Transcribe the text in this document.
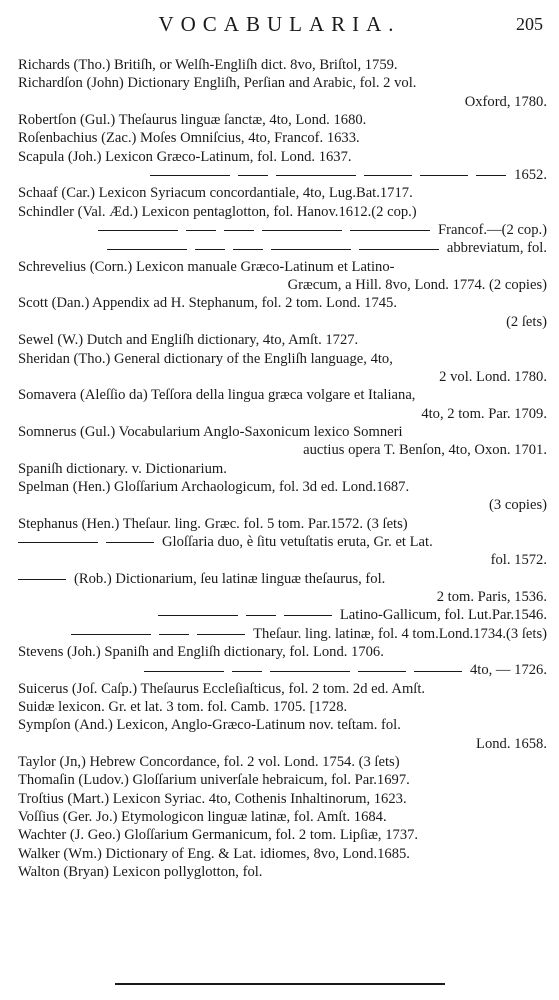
VOCABULARIA.	205
Richards (Tho.) Britiſh, or Welſh-Engliſh dict. 8vo, Briſtol, 1759.
Richardſon (John) Dictionary Engliſh, Perſian and Arabic, fol. 2 vol.
Oxford, 1780.
Robertſon (Gul.) Theſaurus linguæ ſanctæ, 4to, Lond. 1680.
Roſenbachius (Zac.) Moſes Omniſcius, 4to, Francof. 1633.
Scapula (Joh.) Lexicon Græco-Latinum, fol. Lond. 1637.
1652.
Schaaf (Car.) Lexicon Syriacum concordantiale, 4to, Lug.Bat.1717.
Schindler (Val. Æd.) Lexicon pentaglotton, fol. Hanov.1612.(2 cop.)
Francof.—(2 cop.)
abbreviatum, fol.
Schrevelius (Corn.) Lexicon manuale Græco-Latinum et Latino-
Græcum, a Hill. 8vo, Lond. 1774. (2 copies)
Scott (Dan.) Appendix ad H. Stephanum, fol. 2 tom. Lond. 1745.
(2 ſets)
Sewel (W.) Dutch and Engliſh dictionary, 4to, Amſt. 1727.
Sheridan (Tho.) General dictionary of the Engliſh language, 4to,
2 vol. Lond. 1780.
Somavera (Aleſſio da) Teſſora della lingua græca volgare et Italiana,
4to, 2 tom. Par. 1709.
Somnerus (Gul.) Vocabularium Anglo-Saxonicum lexico Somneri
auctius opera T. Benſon, 4to, Oxon. 1701.
Spaniſh dictionary. v. Dictionarium.
Spelman (Hen.) Gloſſarium Archaologicum, fol. 3d ed. Lond.1687.
(3 copies)
Stephanus (Hen.) Theſaur. ling. Græc. fol. 5 tom. Par.1572. (3 ſets)
Gloſſaria duo, è ſitu vetuſtatis eruta, Gr. et Lat.
fol. 1572.
(Rob.) Dictionarium, ſeu latinæ linguæ theſaurus, fol.
2 tom. Paris, 1536.
Latino-Gallicum, fol. Lut.Par.1546.
Theſaur. ling. latinæ, fol. 4 tom.Lond.1734.(3 ſets)
Stevens (Joh.) Spaniſh and Engliſh dictionary, fol. Lond. 1706.
4to, — 1726.
Suicerus (Joſ. Caſp.) Theſaurus Eccleſiaſticus, fol. 2 tom. 2d ed. Amſt.
Suidæ lexicon. Gr. et lat. 3 tom. fol. Camb. 1705. [1728.
Sympſon (And.) Lexicon, Anglo-Græco-Latinum nov. teſtam. fol.
Lond. 1658.
Taylor (Jn,) Hebrew Concordance, fol. 2 vol. Lond. 1754. (3 ſets)
Thomaſin (Ludov.) Gloſſarium univerſale hebraicum, fol. Par.1697.
Troſtius (Mart.) Lexicon Syriac. 4to, Cothenis Inhaltinorum, 1623.
Voſſius (Ger. Jo.) Etymologicon linguæ latinæ, fol. Amſt. 1684.
Wachter (J. Geo.) Gloſſarium Germanicum, fol. 2 tom. Lipſiæ, 1737.
Walker (Wm.) Dictionary of Eng. & Lat. idiomes, 8vo, Lond.1685.
Walton (Bryan) Lexicon pollyglotton, fol.
